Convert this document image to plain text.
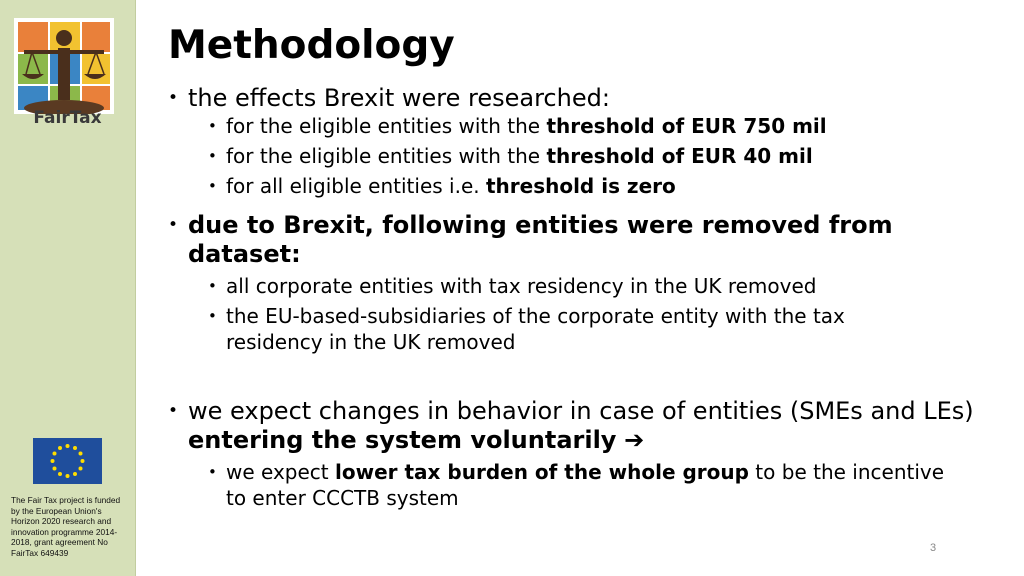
FairTax
The Fair Tax project is funded by the European Union's Horizon 2020 research and innovation programme 2014-2018, grant agreement No FairTax 649439
Methodology
• the effects Brexit were researched:
• for the eligible entities with the threshold of EUR 750 mil
• for the eligible entities with the threshold of EUR 40 mil
• for all eligible entities i.e. threshold is zero
• due to Brexit, following entities were removed from dataset:
• all corporate entities with tax residency in the UK removed
• the EU-based-subsidiaries of the corporate entity with the tax residency in the UK removed
• we expect changes in behavior in case of entities (SMEs and LEs) entering the system voluntarily ➔
• we expect lower tax burden of the whole group to be the incentive to enter CCCTB system
3
